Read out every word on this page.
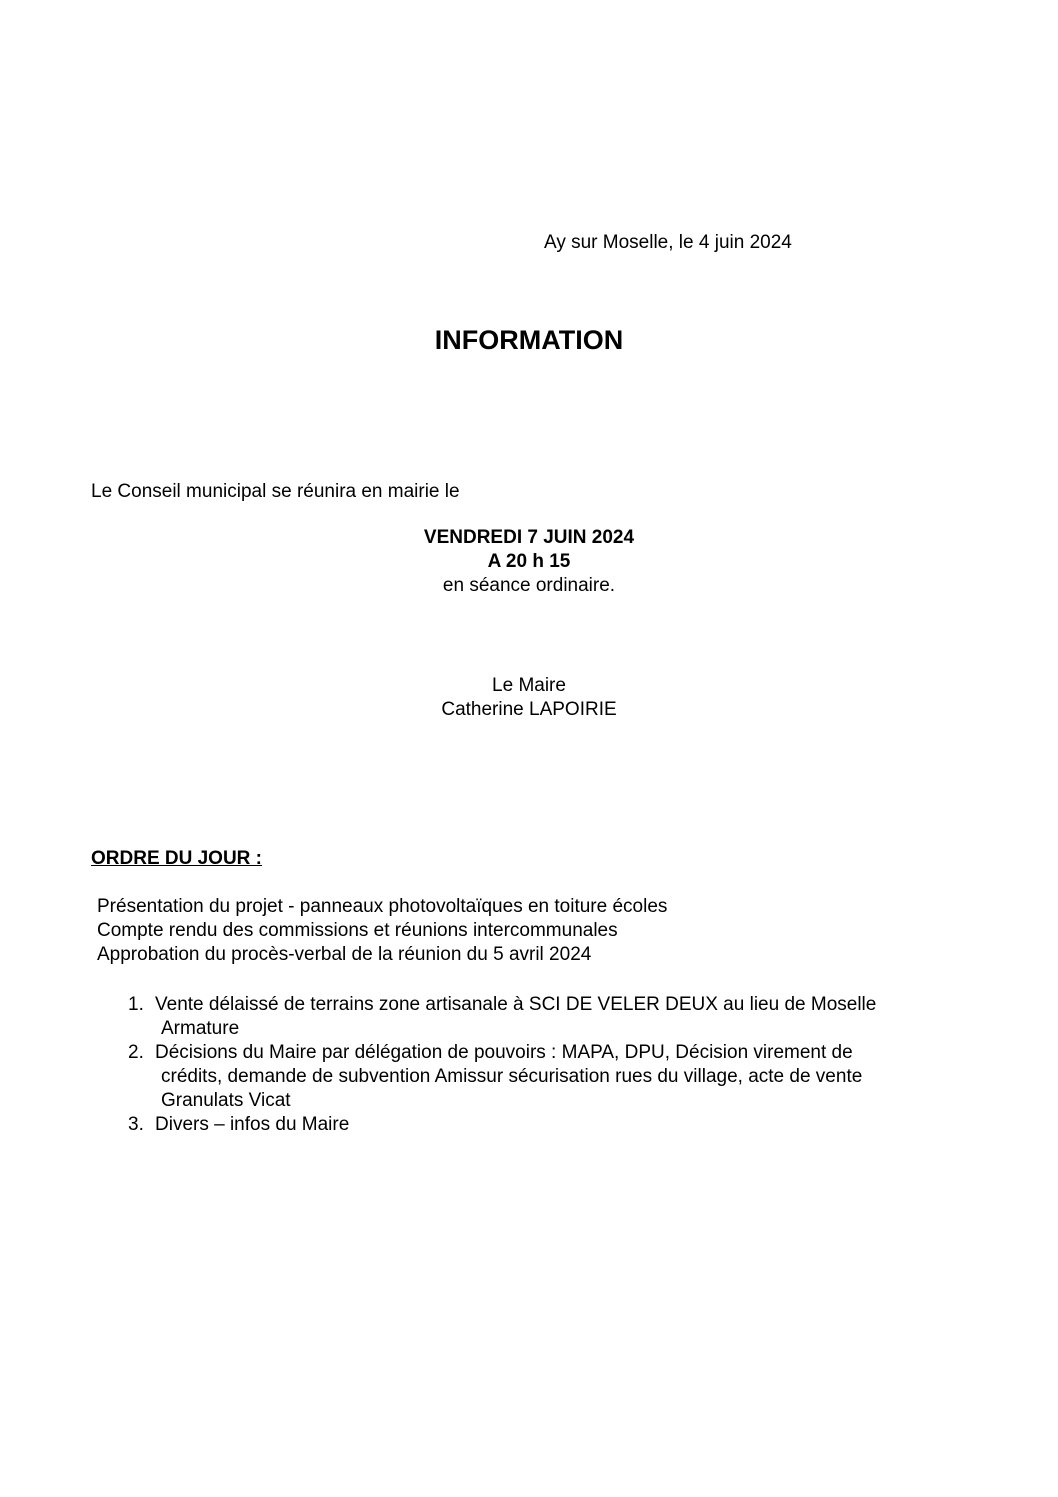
Ay sur Moselle, le 4 juin 2024
INFORMATION
Le Conseil municipal se réunira en mairie le
VENDREDI 7 JUIN 2024
A 20 h 15
en séance ordinaire.
Le Maire
Catherine LAPOIRIE
ORDRE DU JOUR :
Présentation du projet - panneaux photovoltaïques en toiture écoles
Compte rendu des commissions et réunions intercommunales
Approbation du procès-verbal de la réunion du 5 avril 2024
1. Vente délaissé de terrains zone artisanale à SCI DE VELER DEUX au lieu de Moselle
Armature
2. Décisions du Maire par délégation de pouvoirs : MAPA, DPU, Décision virement de
crédits, demande de subvention Amissur sécurisation rues du village, acte de vente
Granulats Vicat
3. Divers – infos du Maire
